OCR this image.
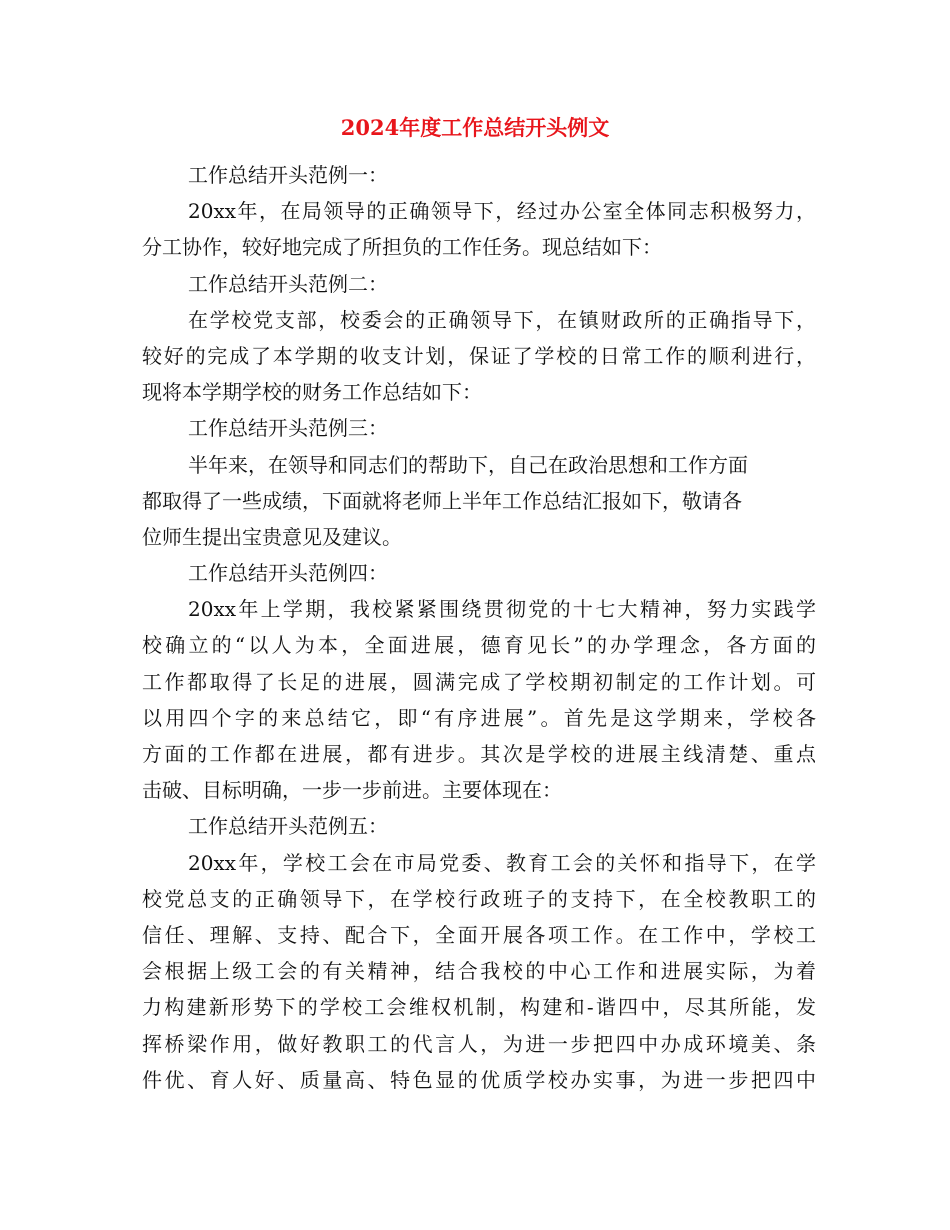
2024年度工作总结开头例文
工作总结开头范例一：
20xx年，在局领导的正确领导下，经过办公室全体同志积极努力，
分工协作，较好地完成了所担负的工作任务。现总结如下：
工作总结开头范例二：
在学校党支部，校委会的正确领导下，在镇财政所的正确指导下，
较好的完成了本学期的收支计划，保证了学校的日常工作的顺利进行，
现将本学期学校的财务工作总结如下：
工作总结开头范例三：
半年来，在领导和同志们的帮助下，自己在政治思想和工作方面
都取得了一些成绩，下面就将老师上半年工作总结汇报如下，敬请各
位师生提出宝贵意见及建议。
工作总结开头范例四：
20xx年上学期，我校紧紧围绕贯彻党的十七大精神，努力实践学
校确立的“以人为本，全面进展，德育见长”的办学理念，各方面的
工作都取得了长足的进展，圆满完成了学校期初制定的工作计划。可
以用四个字的来总结它，即“有序进展”。首先是这学期来，学校各
方面的工作都在进展，都有进步。其次是学校的进展主线清楚、重点
击破、目标明确，一步一步前进。主要体现在：
工作总结开头范例五：
20xx年，学校工会在市局党委、教育工会的关怀和指导下，在学
校党总支的正确领导下，在学校行政班子的支持下，在全校教职工的
信任、理解、支持、配合下，全面开展各项工作。在工作中，学校工
会根据上级工会的有关精神，结合我校的中心工作和进展实际，为着
力构建新形势下的学校工会维权机制，构建和-谐四中，尽其所能，发
挥桥梁作用，做好教职工的代言人，为进一步把四中办成环境美、条
件优、育人好、质量高、特色显的优质学校办实事，为进一步把四中
